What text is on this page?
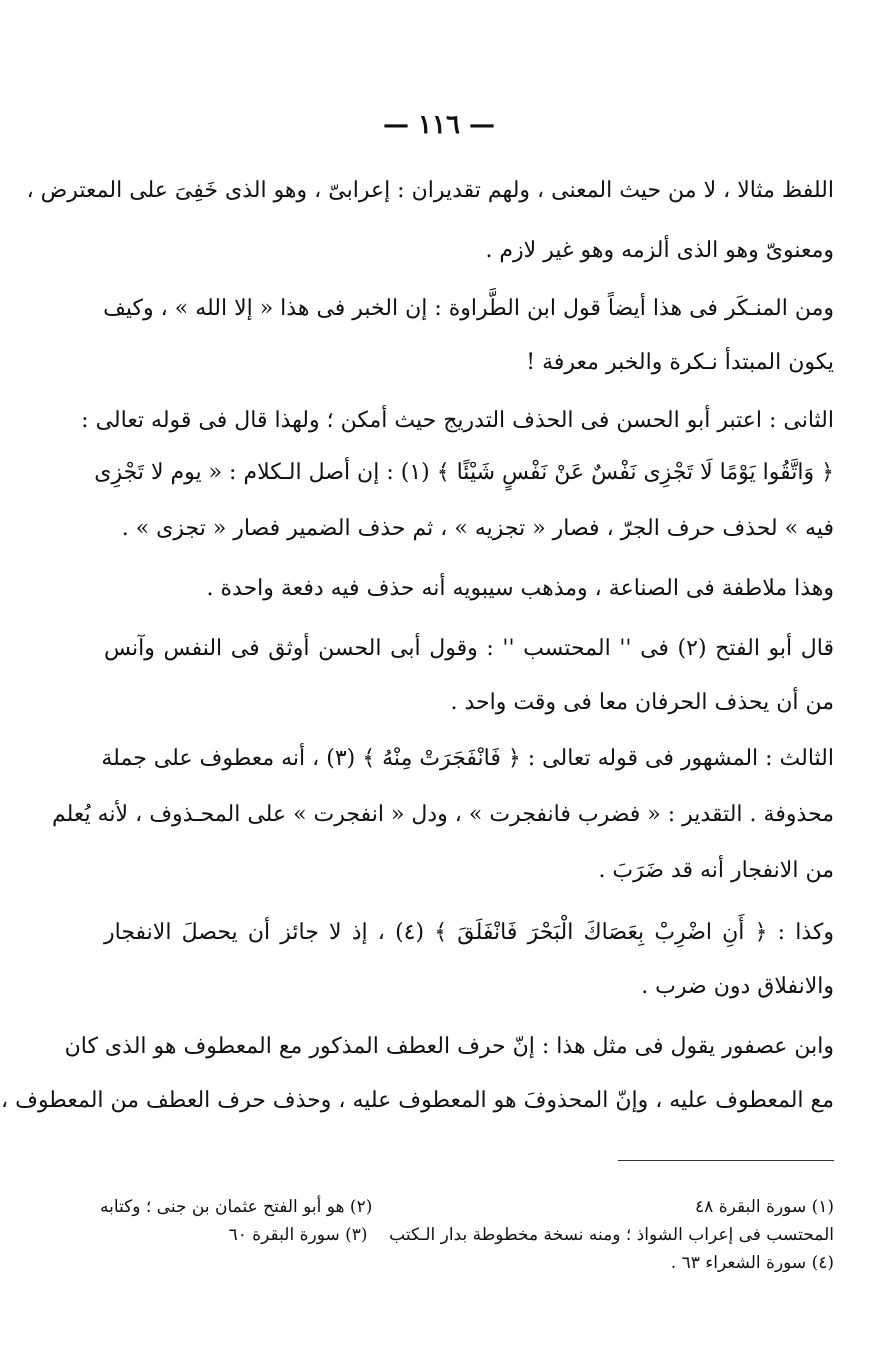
— ١١٦ —
اللفظ مثالا ، لا من حيث المعنى ، ولهم تقديران : إعرابىّ ، وهو الذى خَفِىَ على المعترض ،
ومعنوىّ وهو الذى ألزمه وهو غير لازم .
ومن المنـكَر فى هذا أيضاً قول ابن الطَّراوة : إن الخبر فى هذا « إلا الله » ، وكيف
يكون المبتدأ نـكرة والخبر معرفة !
الثانى : اعتبر أبو الحسن فى الحذف التدريج حيث أمكن ؛ ولهذا قال فى قوله تعالى :
﴿ وَاتَّقُوا يَوْمًا لَا تَجْزِى نَفْسٌ عَنْ نَفْسٍ شَيْئًا ﴾ (١) : إن أصل الـكلام : « يوم لا تَجْزِى
فيه » لحذف حرف الجرّ ، فصار « تجزيه » ، ثم حذف الضمير فصار « تجزى » .
وهذا ملاطفة فى الصناعة ، ومذهب سيبويه أنه حذف فيه دفعة واحدة .
قال أبو الفتح (٢) فى '' المحتسب '' : وقول أبى الحسن أوثق فى النفس وآنس
من أن يحذف الحرفان معا فى وقت واحد .
الثالث : المشهور فى قوله تعالى : ﴿ فَانْفَجَرَتْ مِنْهُ ﴾ (٣) ، أنه معطوف على جملة
محذوفة . التقدير : « فضرب فانفجرت » ، ودل « انفجرت » على المحـذوف ، لأنه يُعلم
من الانفجار أنه قد ضَرَبَ .
وكذا : ﴿ أَنِ اضْرِبْ بِعَصَاكَ الْبَحْرَ فَانْفَلَقَ ﴾ (٤) ، إذ لا جائز أن يحصلَ الانفجار
والانفلاق دون ضرب .
وابن عصفور يقول فى مثل هذا : إنّ حرف العطف المذكور مع المعطوف هو الذى كان
مع المعطوف عليه ، وإنّ المحذوفَ هو المعطوف عليه ، وحذف حرف العطف من المعطوف ،
(١) سورة البقرة ٤٨
(٢) هو أبو الفتح عثمان بن جنى ؛ وكتابه
المحتسب فى إعراب الشواذ ؛ ومنه نسخة مخطوطة بدار الـكتب    (٣) سورة البقرة ٦٠
(٤) سورة الشعراء ٦٣ .
